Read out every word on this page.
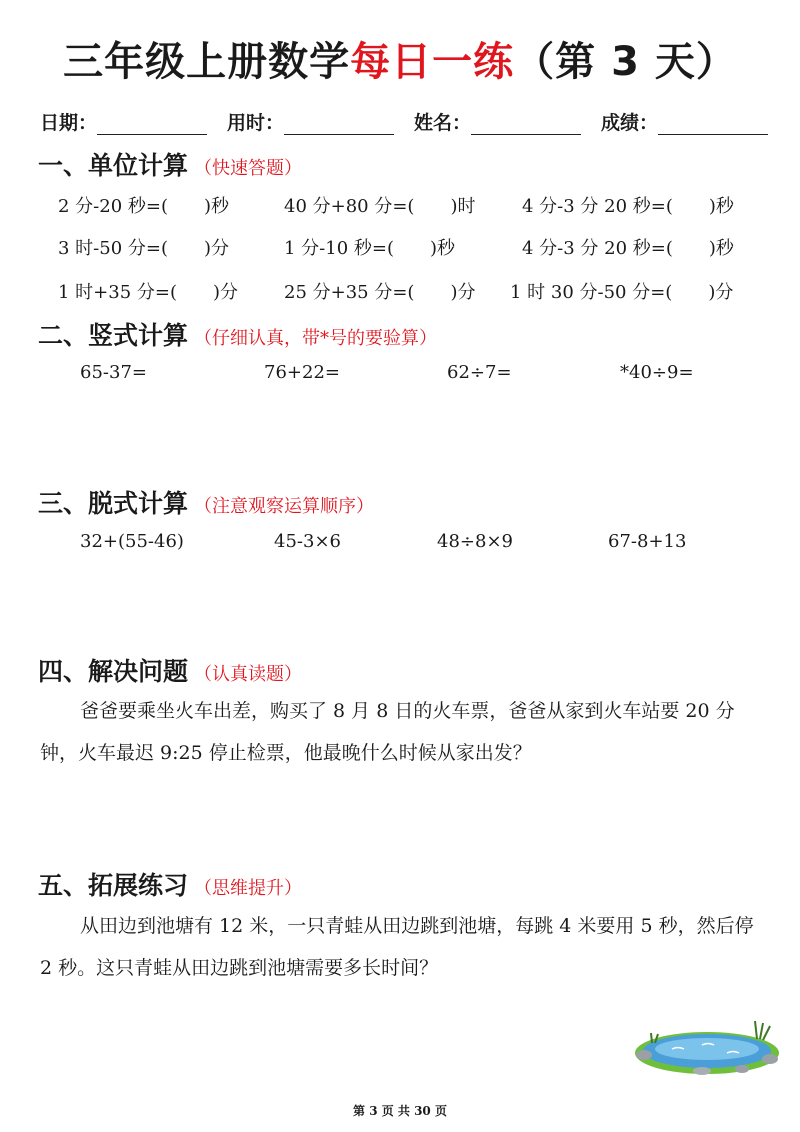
三年级上册数学每日一练（第 3 天）
日期：	用时：	姓名：	成绩：
一、单位计算 （快速答题）
2 分-20 秒=(　　)秒	40 分+80 分=(　　)时	4 分-3 分 20 秒=(　　)秒
3 时-50 分=(　　)分	1 分-10 秒=(　　)秒	4 分-3 分 20 秒=(　　)秒
1 时+35 分=(　　)分	25 分+35 分=(　　)分 1 时 30 分-50 分=(　　)分
二、竖式计算 （仔细认真，带*号的要验算）
65-37=	76+22=	62÷7=	*40÷9=
三、脱式计算 （注意观察运算顺序）
32+(55-46)	45-3×6	48÷8×9	67-8+13
四、解决问题 （认真读题）
爸爸要乘坐火车出差，购买了 8 月 8 日的火车票，爸爸从家到火车站要 20 分钟，火车最迟 9:25 停止检票，他最晚什么时候从家出发？
五、拓展练习 （思维提升）
从田边到池塘有 12 米，一只青蛙从田边跳到池塘，每跳 4 米要用 5 秒，然后停 2 秒。这只青蛙从田边跳到池塘需要多长时间？
第 3 页 共 30 页
